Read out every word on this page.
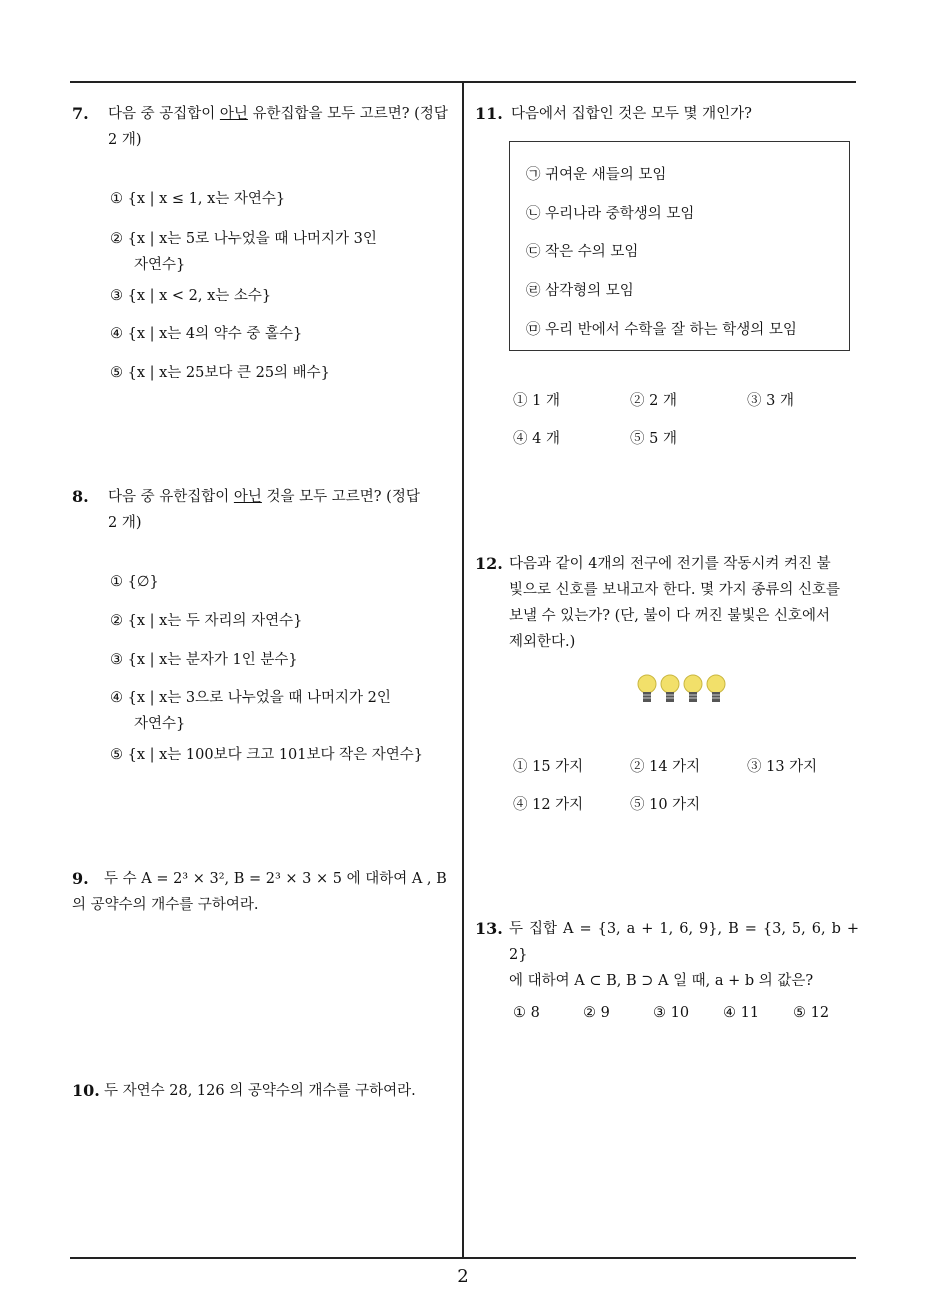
2
7. 다음 중 공집합이 아닌 유한집합을 모두 고르면? (정답
2 개)
① {x | x ≤ 1, x는 자연수}
② {x | x는 5로 나누었을 때 나머지가 3인
자연수}
③ {x | x < 2, x는 소수}
④ {x | x는 4의 약수 중 홀수}
⑤ {x | x는 25보다 큰 25의 배수}
8. 다음 중 유한집합이 아닌 것을 모두 고르면? (정답
2 개)
① {∅}
② {x | x는 두 자리의 자연수}
③ {x | x는 분자가 1인 분수}
④ {x | x는 3으로 나누었을 때 나머지가 2인
자연수}
⑤ {x | x는 100보다 크고 101보다 작은 자연수}
9. 두 수 A = 2³ × 3², B = 2³ × 3 × 5 에 대하여 A , B

의 공약수의 개수를 구하여라.
10. 두 자연수 28, 126 의 공약수의 개수를 구하여라.
11. 다음에서 집합인 것은 모두 몇 개인가?
㉠ 귀여운 새들의 모임
㉡ 우리나라 중학생의 모임
㉢ 작은 수의 모임
㉣ 삼각형의 모임
㉤ 우리 반에서 수학을 잘 하는 학생의 모임
① 1 개	② 2 개	③ 3 개
④ 4 개	⑤ 5 개
12. 다음과 같이 4개의 전구에 전기를 작동시켜 켜진 불
빛으로 신호를 보내고자 한다. 몇 가지 종류의 신호를
보낼 수 있는가? (단, 불이 다 꺼진 불빛은 신호에서
제외한다.)
① 15 가지	② 14 가지	③ 13 가지
④ 12 가지	⑤ 10 가지
13. 두 집합 A = {3, a + 1, 6, 9}, B = {3, 5, 6, b + 2}
에 대하여 A ⊂ B, B ⊃ A 일 때, a + b 의 값은?
① 8	② 9	③ 10 ④ 11 ⑤ 12
